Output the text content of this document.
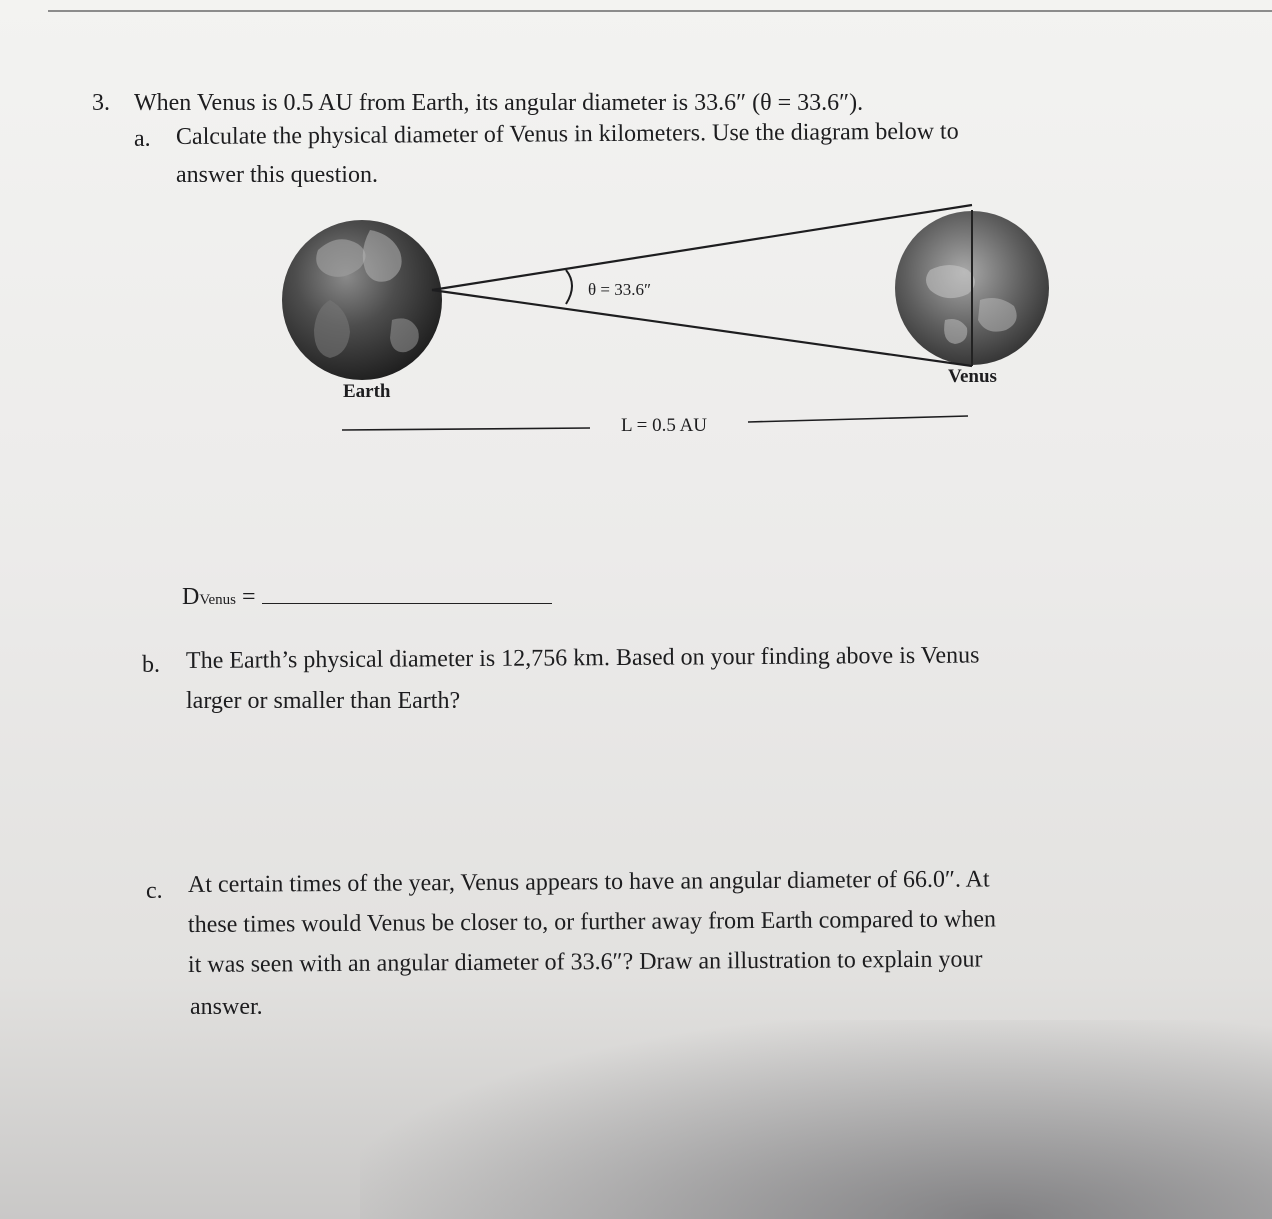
3. When Venus is 0.5 AU from Earth, its angular diameter is 33.6″ (θ = 33.6″).
a. Calculate the physical diameter of Venus in kilometers. Use the diagram below to
answer this question.
θ = 33.6″
Earth
Venus
L = 0.5 AU
DVenus =
b. The Earth’s physical diameter is 12,756 km. Based on your finding above is Venus
larger or smaller than Earth?
c. At certain times of the year, Venus appears to have an angular diameter of 66.0″. At
these times would Venus be closer to, or further away from Earth compared to when
it was seen with an angular diameter of 33.6″? Draw an illustration to explain your
answer.
